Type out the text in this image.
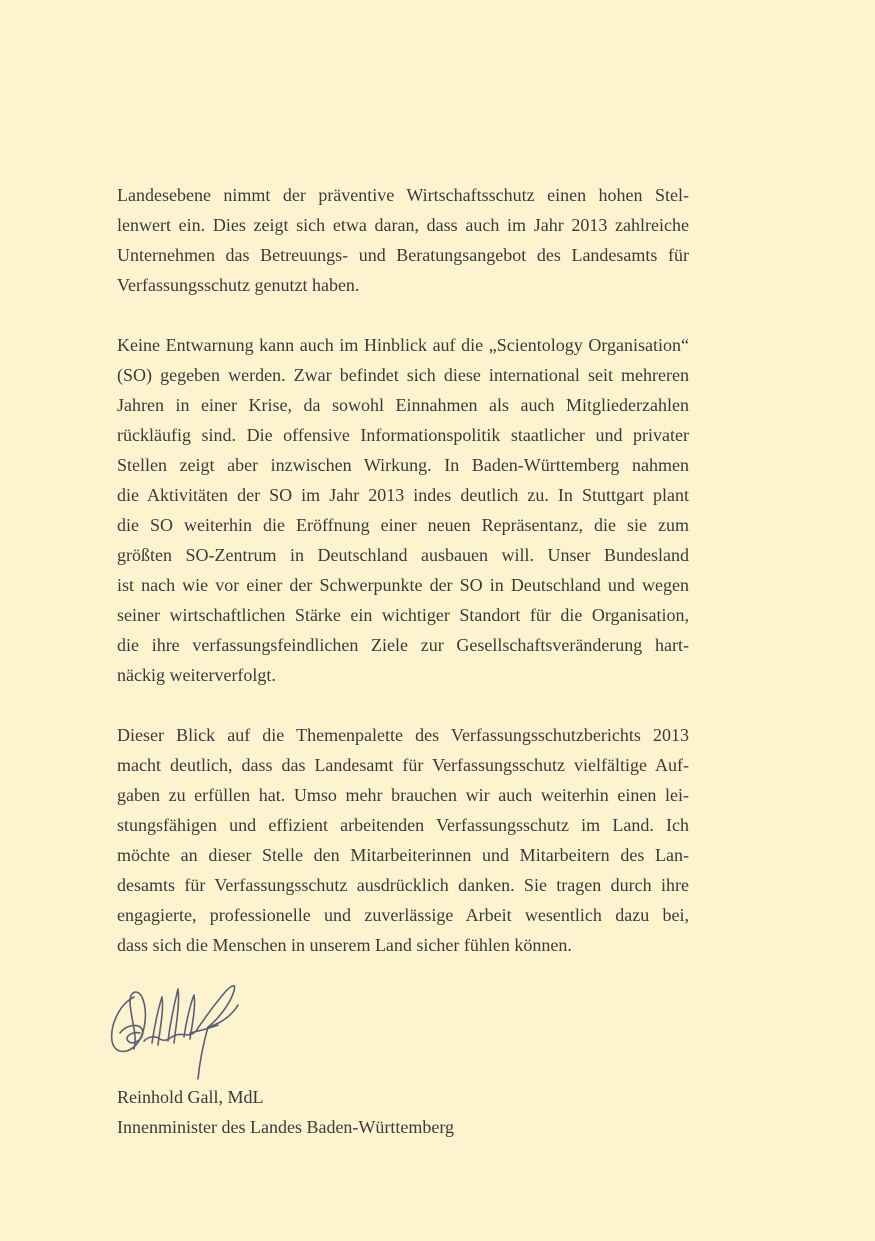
Landesebene nimmt der präventive Wirtschaftsschutz einen hohen Stel-
lenwert ein. Dies zeigt sich etwa daran, dass auch im Jahr 2013 zahlreiche
Unternehmen das Betreuungs- und Beratungsangebot des Landesamts für
Verfassungsschutz genutzt haben.

Keine Entwarnung kann auch im Hinblick auf die „Scientology Organisation“
(SO) gegeben werden. Zwar befindet sich diese international seit mehreren
Jahren in einer Krise, da sowohl Einnahmen als auch Mitgliederzahlen
rückläufig sind. Die offensive Informationspolitik staatlicher und privater
Stellen zeigt aber inzwischen Wirkung. In Baden-Württemberg nahmen
die Aktivitäten der SO im Jahr 2013 indes deutlich zu. In Stuttgart plant
die SO weiterhin die Eröffnung einer neuen Repräsentanz, die sie zum
größten SO-Zentrum in Deutschland ausbauen will. Unser Bundesland
ist nach wie vor einer der Schwerpunkte der SO in Deutschland und wegen
seiner wirtschaftlichen Stärke ein wichtiger Standort für die Organisation,
die ihre verfassungsfeindlichen Ziele zur Gesellschaftsveränderung hart-
näckig weiterverfolgt.

Dieser Blick auf die Themenpalette des Verfassungsschutzberichts 2013
macht deutlich, dass das Landesamt für Verfassungsschutz vielfältige Auf-
gaben zu erfüllen hat. Umso mehr brauchen wir auch weiterhin einen lei-
stungsfähigen und effizient arbeitenden Verfassungsschutz im Land. Ich
möchte an dieser Stelle den Mitarbeiterinnen und Mitarbeitern des Lan-
desamts für Verfassungsschutz ausdrücklich danken. Sie tragen durch ihre
engagierte, professionelle und zuverlässige Arbeit wesentlich dazu bei,
dass sich die Menschen in unserem Land sicher fühlen können.

Reinhold Gall, MdL
Innenminister des Landes Baden-Württemberg
